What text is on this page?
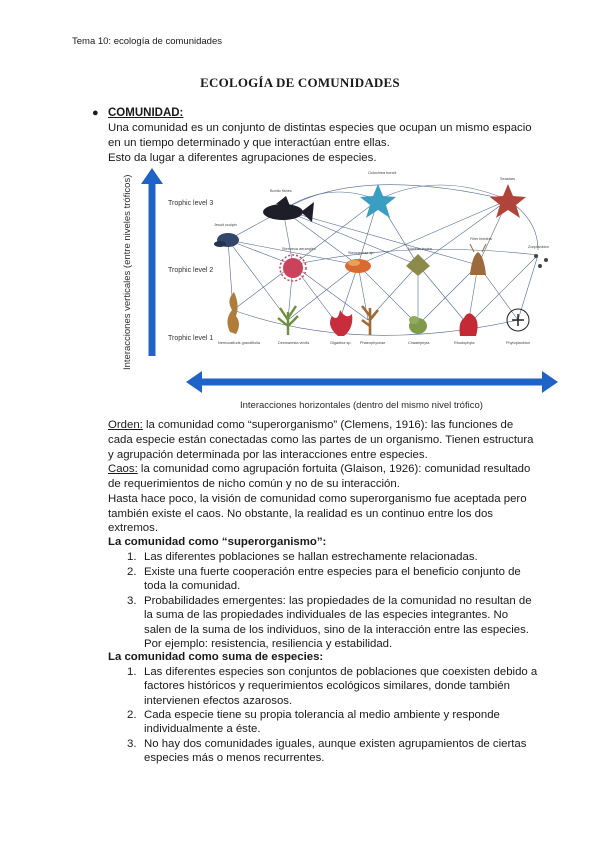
Tema 10: ecología de comunidades
ECOLOGÍA DE COMUNIDADES
● COMUNIDAD:
Una comunidad es un conjunto de distintas especies que ocupan un mismo espacio
en un tiempo determinado y que interactúan entre ellas.
Esto da lugar a diferentes agrupaciones de especies.
Interacciones verticales (entre niveles tróficos)
Interacciones horizontales (dentro del mismo nivel trófico)
Trophic level 3
Trophic level 2
Trophic level 1
Bonito fishes
Octocinea boneii
Seastars
Jesuit sculpin
Stenoeca aerangleo
Stenogoriae sp.
Filler feeders
Nucella lepiea	Zooplankton
Nereocatturis grandiflolia	Desmaresta viridis	Gigartina sp. Phaeophyceae	Chaaelphyta	Rhodophyta	Phytoplankton
Orden: la comunidad como “superorganismo” (Clemens, 1916): las funciones de
cada especie están conectadas como las partes de un organismo. Tienen estructura
y agrupación determinada por las interacciones entre especies.
Caos: la comunidad como agrupación fortuita (Glaison, 1926): comunidad resultado
de requerimientos de nicho común y no de su interacción.
Hasta hace poco, la visión de comunidad como superorganismo fue aceptada pero
también existe el caos. No obstante, la realidad es un continuo entre los dos
extremos.
La comunidad como “superorganismo”:
1. Las diferentes poblaciones se hallan estrechamente relacionadas.
2. Existe una fuerte cooperación entre especies para el beneficio conjunto de
toda la comunidad.
3. Probabilidades emergentes: las propiedades de la comunidad no resultan de
la suma de las propiedades individuales de las especies integrantes. No
salen de la suma de los individuos, sino de la interacción entre las especies.
Por ejemplo: resistencia, resiliencia y estabilidad.
La comunidad como suma de especies:
1. Las diferentes especies son conjuntos de poblaciones que coexisten debido a
factores históricos y requerimientos ecológicos similares, donde también
intervienen efectos azarosos.
2. Cada especie tiene su propia tolerancia al medio ambiente y responde
individualmente a éste.
3. No hay dos comunidades iguales, aunque existen agrupamientos de ciertas
especies más o menos recurrentes.
